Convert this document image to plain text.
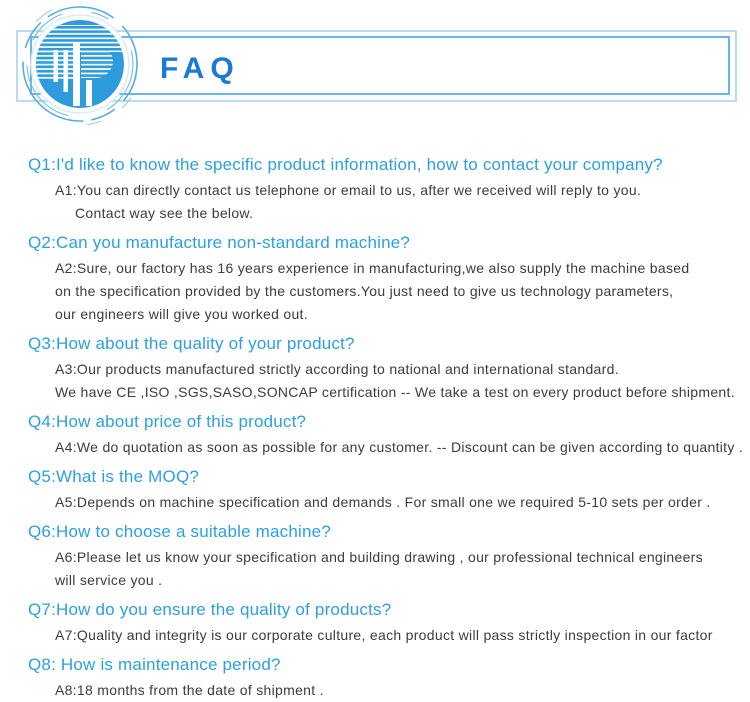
FAQ
Q1:I'd like to know the specific product information, how to contact your company?
A1:You can directly contact us telephone or email to us, after we received will reply to you.
Contact way see the below.
Q2:Can you manufacture non-standard machine?
A2:Sure, our factory has 16 years experience in manufacturing,we also supply the machine based
on the specification provided by the customers.You just need to give us technology parameters,
our engineers will give you worked out.
Q3:How about the quality of your product?
A3:Our products manufactured strictly according to national and international standard.
We have CE ,ISO ,SGS,SASO,SONCAP certification -- We take a test on every product before shipment.
Q4:How about price of this product?
A4:We do quotation as soon as possible for any customer. -- Discount can be given according to quantity .
Q5:What is the MOQ?
A5:Depends on machine specification and demands . For small one we required 5-10 sets per order .
Q6:How to choose a suitable machine?
A6:Please let us know your specification and building drawing , our professional technical engineers
will service you .
Q7:How do you ensure the quality of products?
A7:Quality and integrity is our corporate culture, each product will pass strictly inspection in our factor
Q8: How is maintenance period?
A8:18 months from the date of shipment .
